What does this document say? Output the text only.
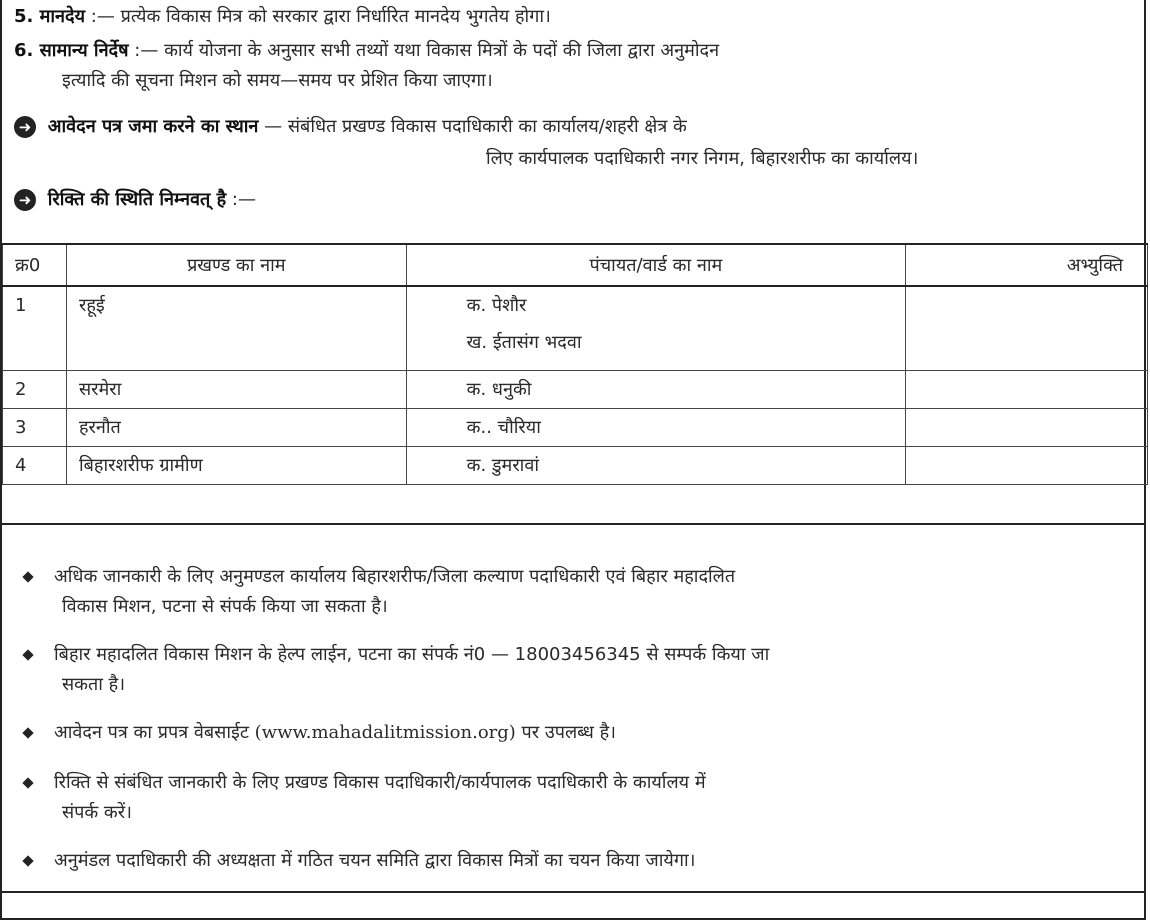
5. मानदेय :— प्रत्येक विकास मित्र को सरकार द्वारा निर्धारित मानदेय भुगतेय होगा।
6. सामान्य निर्देष :— कार्य योजना के अनुसार सभी तथ्यों यथा विकास मित्रों के पदों की जिला द्वारा अनुमोदन
इत्यादि की सूचना मिशन को समय—समय पर प्रेशित किया जाएगा।
➜ आवेदन पत्र जमा करने का स्थान — संबंधित प्रखण्ड विकास पदाधिकारी का कार्यालय/शहरी क्षेत्र के
लिए कार्यपालक पदाधिकारी नगर निगम, बिहारशरीफ का कार्यालय।
➜ रिक्ति की स्थिति निम्नवत् है :—
क्र0	प्रखण्ड का नाम	पंचायत/वार्ड का नाम	अभ्युक्ति

1	रहूई	क. पेशौर
ख. ईतासंग भदवा	

2	सरमेरा	क. धनुकी	

3	हरनौत	क.. चौरिया	

4	बिहारशरीफ ग्रामीण	क. डुमरावां	

अधिक जानकारी के लिए अनुमण्डल कार्यालय बिहारशरीफ/जिला कल्याण पदाधिकारी एवं बिहार महादलित
विकास मिशन, पटना से संपर्क किया जा सकता है।
बिहार महादलित विकास मिशन के हेल्प लाईन, पटना का संपर्क नं0 — 18003456345 से सम्पर्क किया जा
सकता है।
आवेदन पत्र का प्रपत्र वेबसाईट (www.mahadalitmission.org) पर उपलब्ध है।
रिक्ति से संबंधित जानकारी के लिए प्रखण्ड विकास पदाधिकारी/कार्यपालक पदाधिकारी के कार्यालय में
संपर्क करें।
अनुमंडल पदाधिकारी की अध्यक्षता में गठित चयन समिति द्वारा विकास मित्रों का चयन किया जायेगा।
